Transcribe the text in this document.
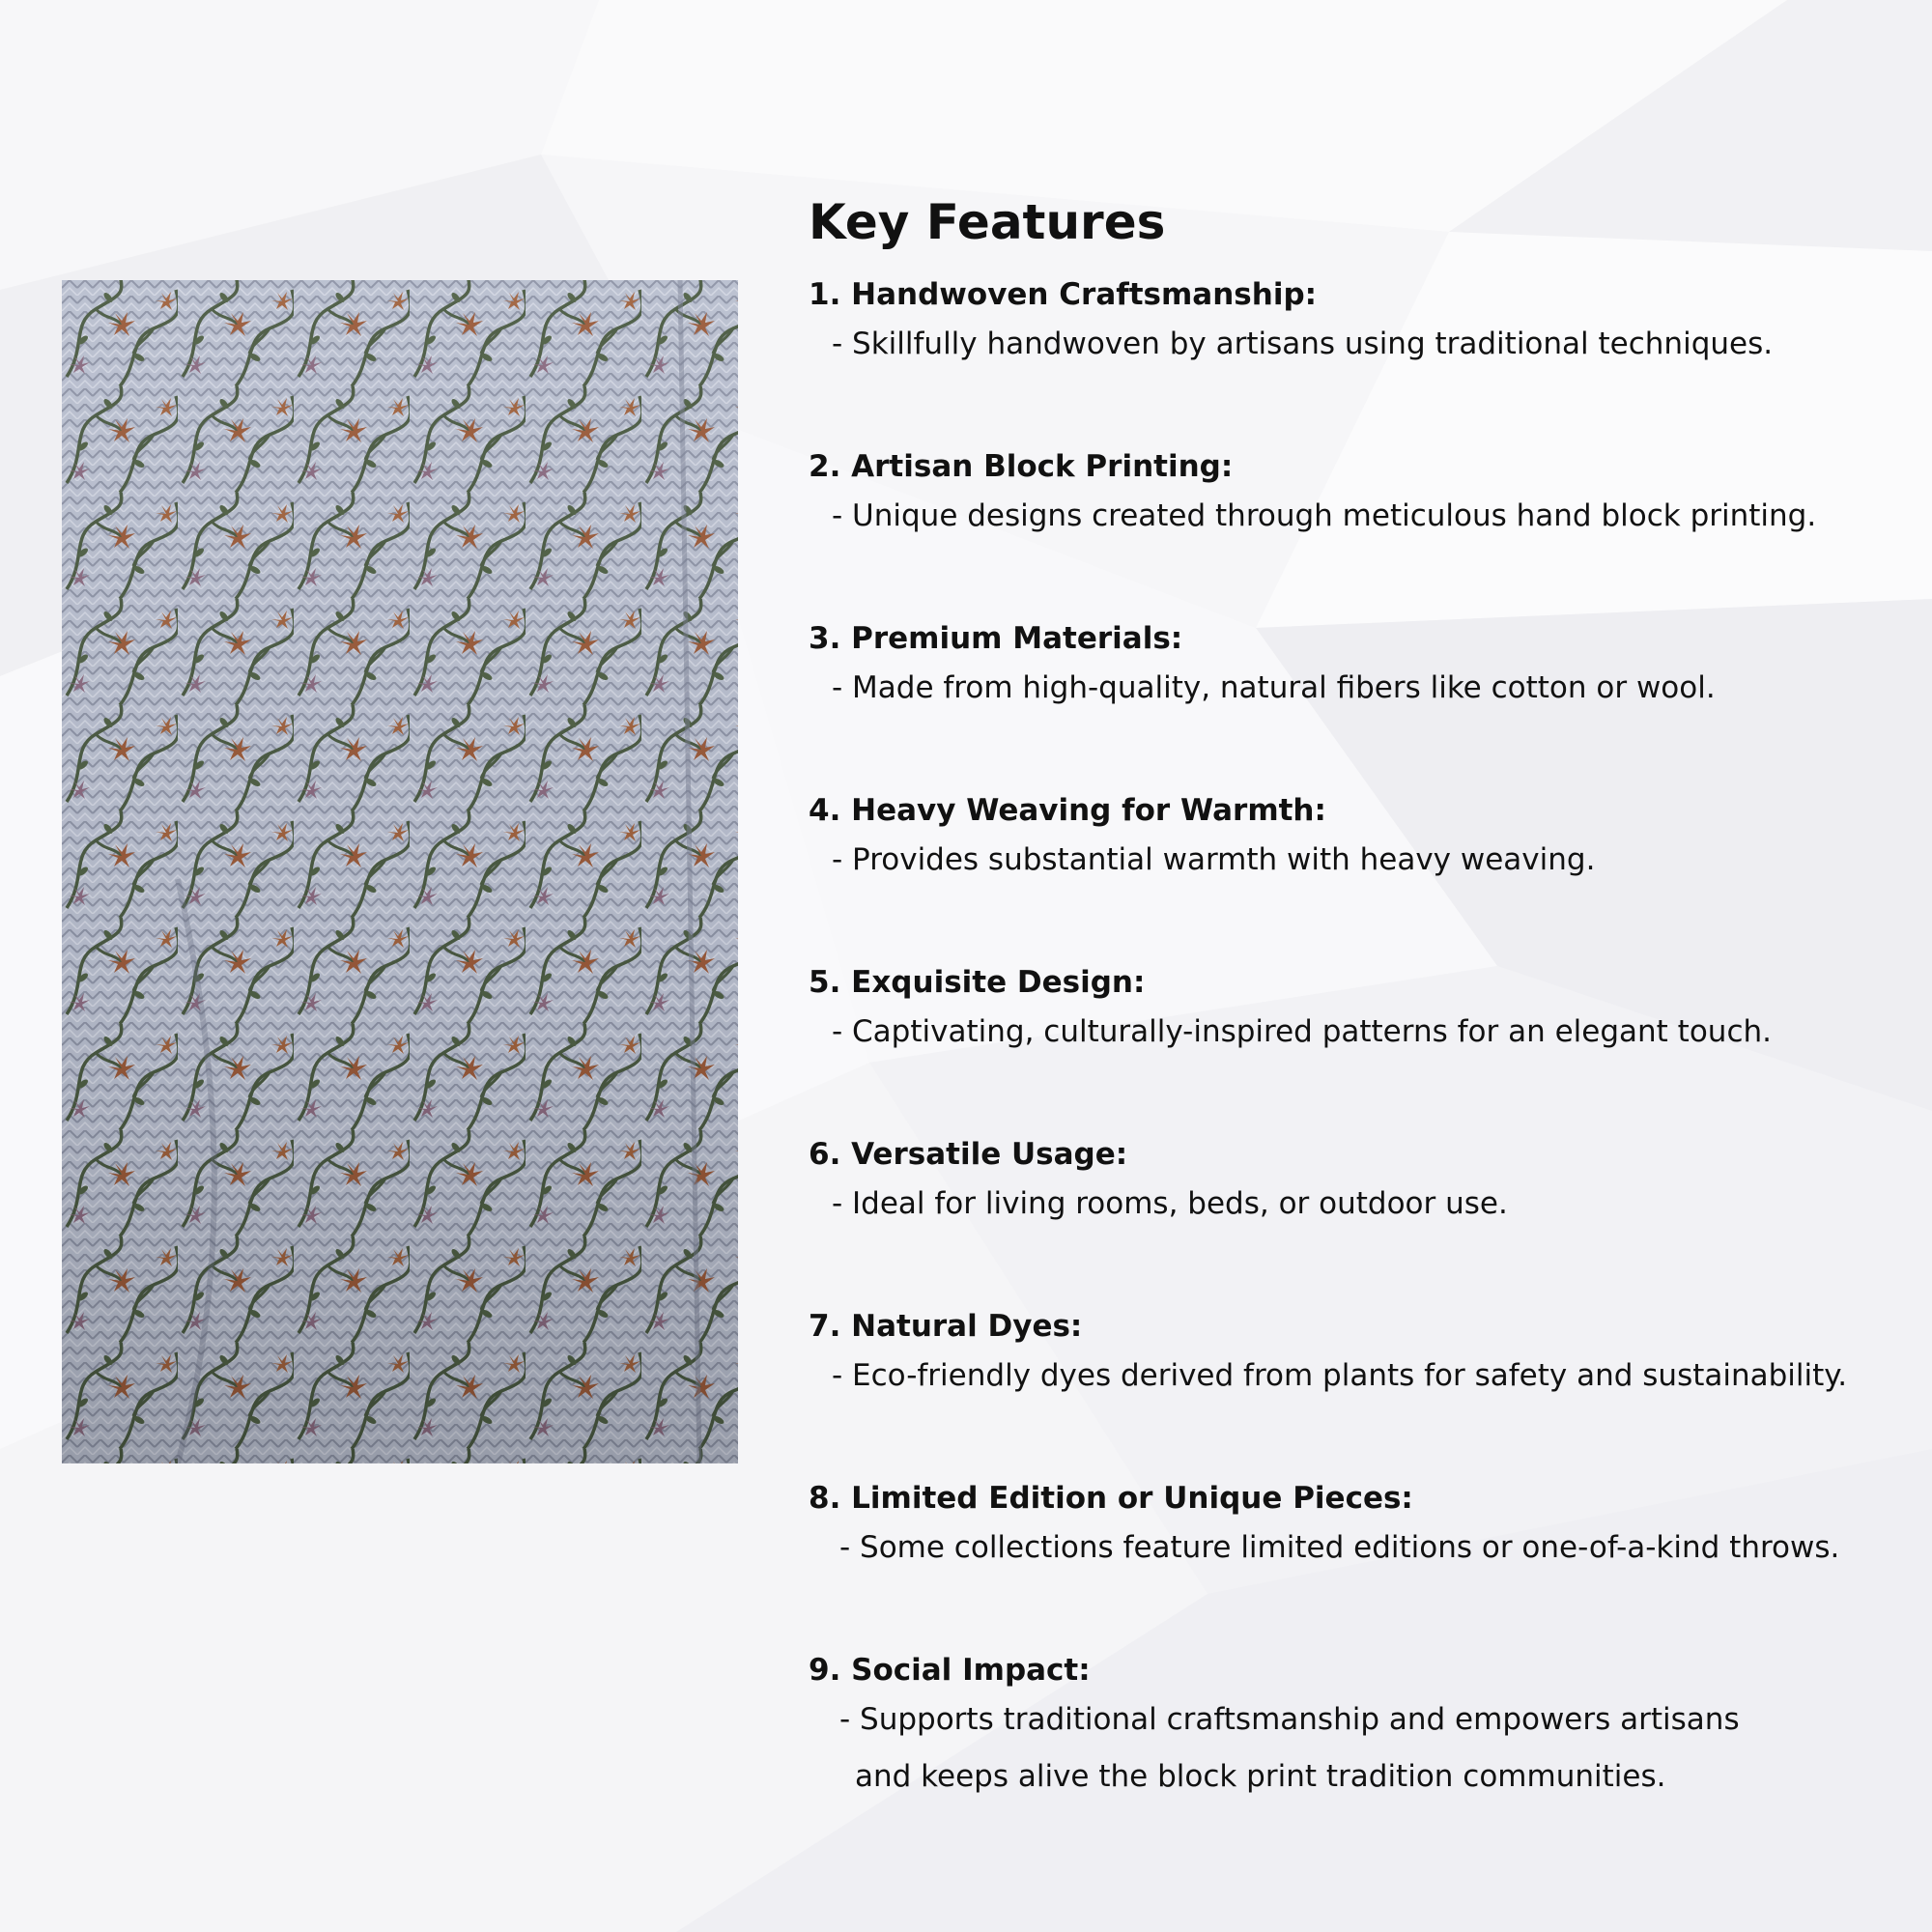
Key Features

1. Handwoven Craftsmanship:

- Skillfully handwoven by artisans using traditional techniques.

2. Artisan Block Printing:

- Unique designs created through meticulous hand block printing.

3. Premium Materials:

- Made from high-quality, natural fibers like cotton or wool.

4. Heavy Weaving for Warmth:

- Provides substantial warmth with heavy weaving.

5. Exquisite Design:

- Captivating, culturally-inspired patterns for an elegant touch.

6. Versatile Usage:

- Ideal for living rooms, beds, or outdoor use.

7. Natural Dyes:

- Eco-friendly dyes derived from plants for safety and sustainability.

8. Limited Edition or Unique Pieces:

- Some collections feature limited editions or one-of-a-kind throws.

9. Social Impact:

- Supports traditional craftsmanship and empowers artisans

and keeps alive the block print tradition communities.
